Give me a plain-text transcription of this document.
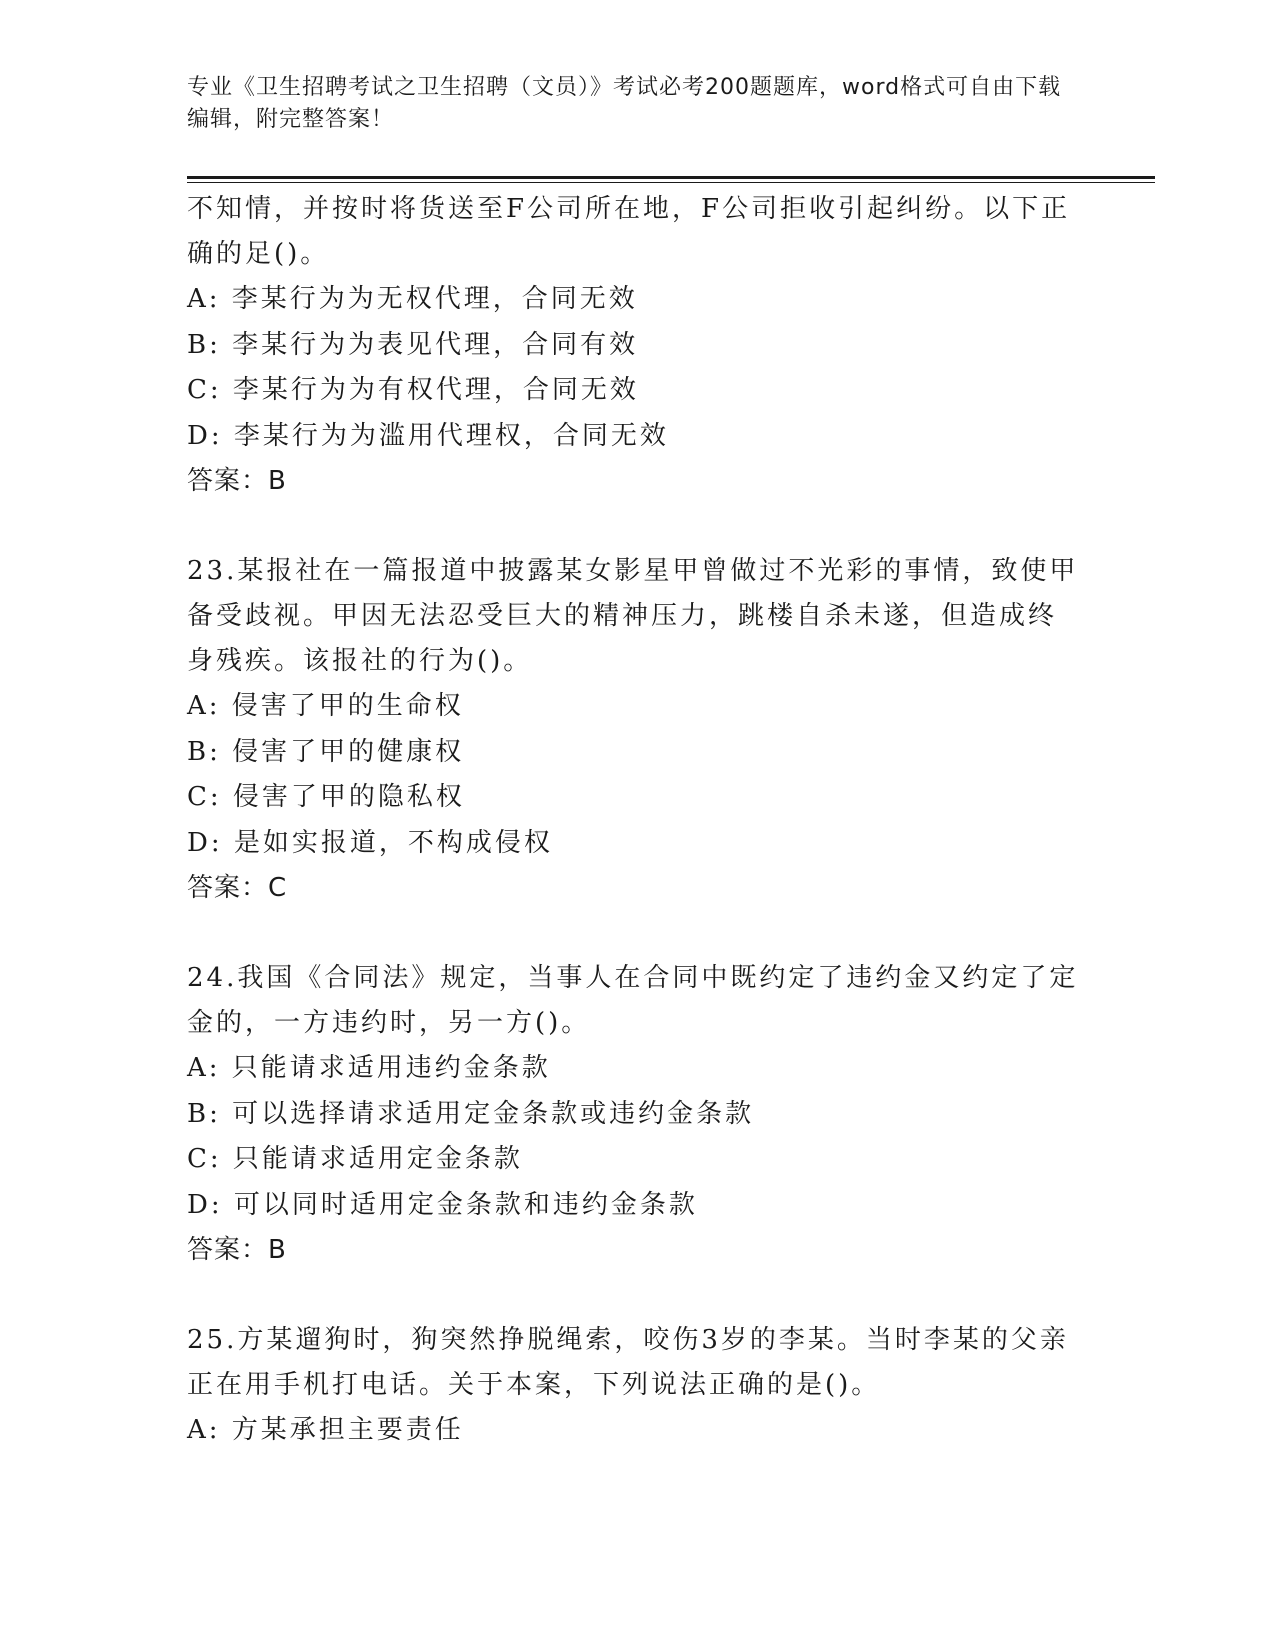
专业《卫生招聘考试之卫生招聘（文员）》考试必考200题题库，word格式可自由下载编辑，附完整答案！
不知情，并按时将货送至F公司所在地，F公司拒收引起纠纷。以下正
确的足()。
A: 李某行为为无权代理，合同无效
B: 李某行为为表见代理，合同有效
C: 李某行为为有权代理，合同无效
D: 李某行为为滥用代理权，合同无效
答案：B
23.某报社在一篇报道中披露某女影星甲曾做过不光彩的事情，致使甲
备受歧视。甲因无法忍受巨大的精神压力，跳楼自杀未遂，但造成终
身残疾。该报社的行为()。
A: 侵害了甲的生命权
B: 侵害了甲的健康权
C: 侵害了甲的隐私权
D: 是如实报道，不构成侵权
答案：C
24.我国《合同法》规定，当事人在合同中既约定了违约金又约定了定
金的，一方违约时，另一方()。
A: 只能请求适用违约金条款
B: 可以选择请求适用定金条款或违约金条款
C: 只能请求适用定金条款
D: 可以同时适用定金条款和违约金条款
答案：B
25.方某遛狗时，狗突然挣脱绳索，咬伤3岁的李某。当时李某的父亲
正在用手机打电话。关于本案，下列说法正确的是()。
A: 方某承担主要责任
